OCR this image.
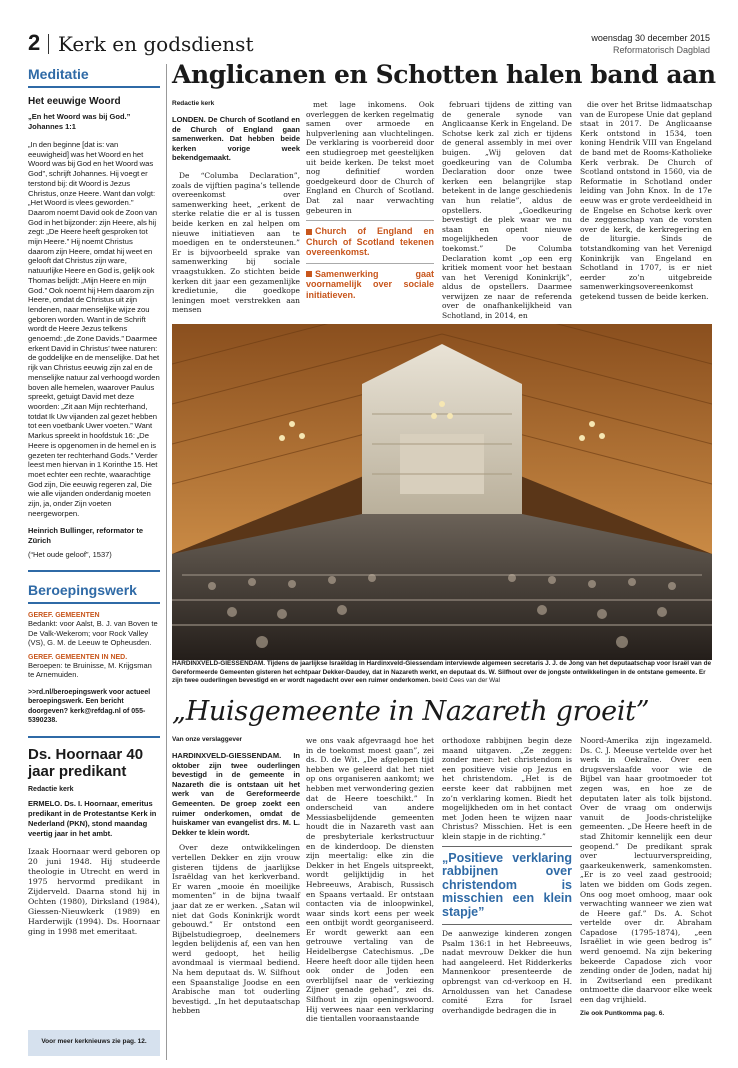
2 Kerk en godsdienst	woensdag 30 december 2015
Reformatorisch Dagblad
Meditatie
Het eeuwige Woord
„En het Woord was bij God.” Johannes 1:1
„In den beginne [dat is: van eeuwigheid] was het Woord en het Woord was bij God en het Woord was God”, schrijft Johannes. Hij voegt er terstond bij: dit Woord is Jezus Christus, onze Heere. Want dan volgt: „Het Woord is vlees geworden.” Daarom noemt David ook de Zoon van God in het bijzonder: zijn Heere, als hij zegt: „De Heere heeft gesproken tot mijn Heere.” Hij noemt Christus daarom zijn Heere, omdat hij weet en gelooft dat Christus zijn ware, natuurlijke Heere en God is, gelijk ook Thomas belijdt: „Mijn Heere en mijn God.” Ook noemt hij Hem daarom zijn Heere, omdat de Christus uit zijn lendenen, naar menselijke wijze zou geboren worden. Want in de Schrift wordt de Heere Jezus telkens genoemd: „de Zone Davids.” Daarmee erkent David in Christus’ twee naturen: de goddelijke en de menselijke. Dat het rijk van Christus eeuwig zijn zal en de menselijke natuur zal verhoogd worden boven alle hemelen, waarover Paulus spreekt, getuigt David met deze woorden: „Zit aan Mijn rechterhand, totdat Ik Uw vijanden zal gezet hebben tot een voetbank Uwer voeten.” Want Markus spreekt in hoofdstuk 16: „De Heere is opgenomen in de hemel en is gezeten ter rechterhand Gods.” Verder leest men hiervan in 1 Korinthe 15. Het moet echter een rechte, waarachtige God zijn, Die eeuwig regeren zal, Die wie alle vijanden onderdanig moeten zijn, ja, onder Zijn voeten neergeworpen.
Heinrich Bullinger, reformator te Zürich
(“Het oude geloof”, 1537)
Beroepingswerk
GEREF. GEMEENTEN
Bedankt: voor Aalst, B. J. van Boven te De Valk-Wekerom; voor Rock Valley (VS), G. M. de Leeuw te Opheusden.
GEREF. GEMEENTEN IN NED.
Beroepen: te Bruinisse, M. Krijgsman te Arnemuiden.
>>rd.nl/beroepingswerk voor actueel beroepingswerk. Een bericht doorgeven? kerk@refdag.nl of 055-5390238.
Ds. Hoornaar 40 jaar predikant
Redactie kerk
ERMELO. Ds. I. Hoornaar, emeritus predikant in de Protestantse Kerk in Nederland (PKN), stond maandag veertig jaar in het ambt.
Izaak Hoornaar werd geboren op 20 juni 1948. Hij studeerde theologie in Utrecht en werd in 1975 hervormd predikant in Zijderveld. Daarna stond hij in Ochten (1980), Dirksland (1984), Giessen-Nieuwkerk (1989) en Harderwijk (1994). Ds. Hoornaar ging in 1998 met emeritaat.
Voor meer kerknieuws zie pag. 12.
Anglicanen en Schotten halen band aan
Redactie kerk
LONDEN. De Church of Scotland en de Church of England gaan samenwerken. Dat hebben beide kerken vorige week bekendgemaakt.

De “Columba Declaration”, zoals de vijftien pagina’s tellende overeenkomst over samenwerking heet, „erkent de sterke relatie die er al is tussen beide kerken en zal helpen om nieuwe initiatieven aan te moedigen en te ondersteunen.” Er is bijvoorbeeld sprake van samenwerking bij sociale vraagstukken. Zo stichten beide kerken dit jaar een gezamenlijke kredietunie, die goedkope leningen moet verstrekken aan mensen

met lage inkomens. Ook overleggen de kerken regelmatig samen over armoede en hulpverlening aan vluchtelingen. De verklaring is voorbereid door een studiegroep met geestelijken uit beide kerken. De tekst moet nog definitief worden goedgekeurd door de Church of England en Church of Scotland. Dat zal naar verwachting gebeuren in

Church of England en Church of Scotland tekenen overeenkomst.
Samenwerking gaat voornamelijk over sociale initiatieven.

februari tijdens de zitting van de generale synode van Anglicaanse Kerk in Engeland. De Schotse kerk zal zich er tijdens de general assembly in mei over buigen. „Wij geloven dat goedkeuring van de Columba Declaration door onze twee kerken een belangrijke stap betekent in de lange geschiedenis van hun relatie”, aldus de opstellers. „Goedkeuring bevestigt de plek waar we nu staan en opent nieuwe mogelijkheden voor de toekomst.” De Columba Declaration komt „op een erg kritiek moment voor het bestaan van het Verenigd Koninkrijk”, aldus de opstellers. Daarmee verwijzen ze naar de referenda over de onafhankelijkheid van Schotland, in 2014, en

die over het Britse lidmaatschap van de Europese Unie dat gepland staat in 2017. De Anglicaanse Kerk ontstond in 1534, toen koning Hendrik VIII van Engeland de band met de Rooms-Katholieke Kerk verbrak. De Church of Scotland ontstond in 1560, via de Reformatie in Schotland onder leiding van John Knox. In de 17e eeuw was er grote verdeeldheid in de Engelse en Schotse kerk over de zeggenschap van de vorsten over de kerk, de kerkregering en de liturgie. Sinds de totstandkoming van het Verenigd Koninkrijk van Engeland en Schotland in 1707, is er niet eerder zo’n uitgebreide samenwerkingsovereenkomst getekend tussen de beide kerken.

HARDINXVELD-GIESSENDAM. Tijdens de jaarlijkse Israëldag in Hardinxveld-Giessendam interviewde algemeen secretaris J. J. de Jong van het deputaatschap voor Israël van de Gereformeerde Gemeenten gisteren het echtpaar Dekker-Daudey, dat in Nazareth werkt, en deputaat ds. W. Silfhout over de jongste ontwikkelingen in de ontstane gemeente. Er zijn twee ouderlingen bevestigd en er wordt nagedacht over een ruimer onderkomen. beeld Cees van der Wal
„Huisgemeente in Nazareth groeit”
Van onze verslaggever
HARDINXVELD-GIESSENDAM. In oktober zijn twee ouderlingen bevestigd in de gemeente in Nazareth die is ontstaan uit het werk van de Gereformeerde Gemeenten. De groep zoekt een ruimer onderkomen, omdat de huiskamer van evangelist drs. M. L. Dekker te klein wordt.

Over deze ontwikkelingen vertellen Dekker en zijn vrouw gisteren tijdens de jaarlijkse Israëldag van het kerkverband. Er waren „mooie én moeilijke momenten” in de bijna twaalf jaar dat ze er werken. „Satan wil niet dat Gods Koninkrijk wordt gebouwd.” Er ontstond een Bijbelstudiegroep, deelnemers legden belijdenis af, een van hen werd gedoopt, het heilig avondmaal is viermaal bediend. Na hem deputaat ds. W. Silfhout een Spaanstalige Joodse en een Arabische man tot ouderling bevestigd. „In het deputaatschap hebben

we ons vaak afgevraagd hoe het in de toekomst moest gaan”, zei ds. D. de Wit. „De afgelopen tijd hebben we geleerd dat het niet op ons organiseren aankomt; we hebben met verwondering gezien dat de Heere toeschikt.” In onderscheid van andere Messiasbelijdende gemeenten houdt die in Nazareth vast aan de presbyteriale kerkstructuur en de kinderdoop. De diensten zijn meertalig: elke zin die Dekker in het Engels uitspreekt, wordt gelijktijdig in het Hebreeuws, Arabisch, Russisch en Spaans vertaald. Er ontstaan contacten via de inloopwinkel, waar sinds kort eens per week een ontbijt wordt georganiseerd. Er wordt gewerkt aan een getrouwe vertaling van de Heidelbergse Catechismus. „De Heere heeft door alle tijden heen ook onder de Joden een overblijfsel naar de verkiezing Zijner genade gehad”, zei ds. Silfhout in zijn openingswoord. Hij verwees naar een verklaring die tientallen vooraanstaande

orthodoxe rabbijnen begin deze maand uitgaven. „Ze zeggen: zonder meer: het christendom is een positieve visie op Jezus en het christendom. „Het is de eerste keer dat rabbijnen met zo’n verklaring komen. Biedt het mogelijkheden om in het contact met Joden heen te wijzen naar Christus? Misschien. Het is een klein stapje in de richting.”

„Positieve verklaring rabbijnen over christendom is misschien een klein stapje”

De aanwezige kinderen zongen Psalm 136:1 in het Hebreeuws, nadat mevrouw Dekker die hun had aangeleerd. Het Ridderkerks Mannenkoor presenteerde de opbrengst van cd-verkoop en H. Arnoldussen van het Canadese comité Ezra for Israel overhandigde bedragen die in

Noord-Amerika zijn ingezameld. Ds. C. J. Meeuse vertelde over het werk in Oekraïne. Over een drugsverslaafde voor wie de Bijbel van haar grootmoeder tot zegen was, en hoe ze de deputaten later als tolk bijstond. Over de vraag om onderwijs vanuit de Joods-christelijke gemeenten. „De Heere heeft in de stad Zhitomir kennelijk een deur geopend.” De predikant sprak over lectuurverspreiding, gaarkeukenwerk, samenkomsten. „Er is zo veel zaad gestrooid; laten we bidden om Gods zegen. Ons oog moet omhoog, maar ook verwachting wanneer we zien wat de Heere gaf.” Ds. A. Schot vertelde over dr. Abraham Capadose (1795-1874), „een Israëliet in wie geen bedrog is” werd genoemd. Na zijn bekering bekeerde Capadose zich voor zending onder de Joden, nadat hij in Zwitserland een predikant ontmoette die daarvoor elke week een dag vrijhield.

Zie ook Puntkomma pag. 6.
